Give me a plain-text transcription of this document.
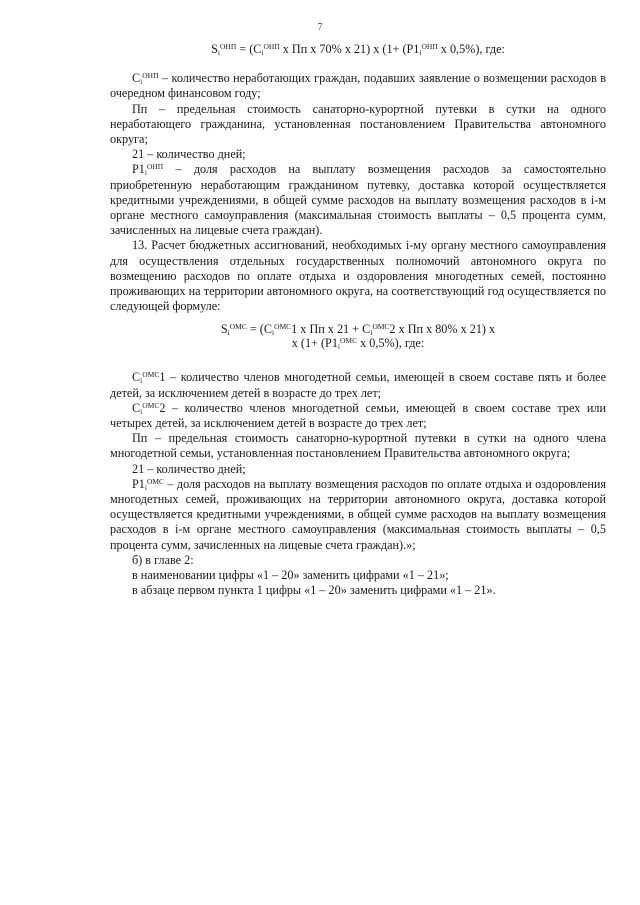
7
$S_i^{ОНП} = (C_i^{ОНП}$ х Пп х 70% х 21) х ($1+ (Р1_i^{ОНП}$ х 0,5%), где:

$C_i^{ОНП}$ – количество неработающих граждан, подавших заявление о возмещении расходов в очередном финансовом году;

Пп – предельная стоимость санаторно-курортной путевки в сутки на одного неработающего гражданина, установленная постановлением Правительства автономного округа;

21 – количество дней;

$Р1_i^{ОНП}$ – доля расходов на выплату возмещения расходов за самостоятельно приобретенную неработающим гражданином путевку, доставка которой осуществляется кредитными учреждениями, в общей сумме расходов на выплату возмещения расходов в i-м органе местного самоуправления (максимальная стоимость выплаты – 0,5 процента сумм, зачисленных на лицевые счета граждан).

13. Расчет бюджетных ассигнований, необходимых i-му органу местного самоуправления для осуществления отдельных государственных полномочий автономного округа по возмещению расходов по оплате отдыха и оздоровления многодетных семей, постоянно проживающих на территории автономного округа, на соответствующий год осуществляется по следующей формуле:

$S_i^{ОМС} = (C_i^{ОМС}1$ х Пп х $21 + C_i^{ОМС}2$ х Пп х 80% х 21) х
х ($1+ (Р1_i^{ОМС}$ х 0,5%), где:

$C_i^{ОМС}1$ – количество членов многодетной семьи, имеющей в своем составе пять и более детей, за исключением детей в возрасте до трех лет;

$C_i^{ОМС}2$ – количество членов многодетной семьи, имеющей в своем составе трех или четырех детей, за исключением детей в возрасте до трех лет;

Пп – предельная стоимость санаторно-курортной путевки в сутки на одного члена многодетной семьи, установленная постановлением Правительства автономного округа;

21 – количество дней;

$Р1_i^{ОМС}$ – доля расходов на выплату возмещения расходов по оплате отдыха и оздоровления многодетных семей, проживающих на территории автономного округа, доставка которой осуществляется кредитными учреждениями, в общей сумме расходов на выплату возмещения расходов в i-м органе местного самоуправления (максимальная стоимость выплаты – 0,5 процента сумм, зачисленных на лицевые счета граждан).»;

б) в главе 2:

в наименовании цифры «1 – 20» заменить цифрами «1 – 21»;

в абзаце первом пункта 1 цифры «1 – 20» заменить цифрами «1 – 21».
